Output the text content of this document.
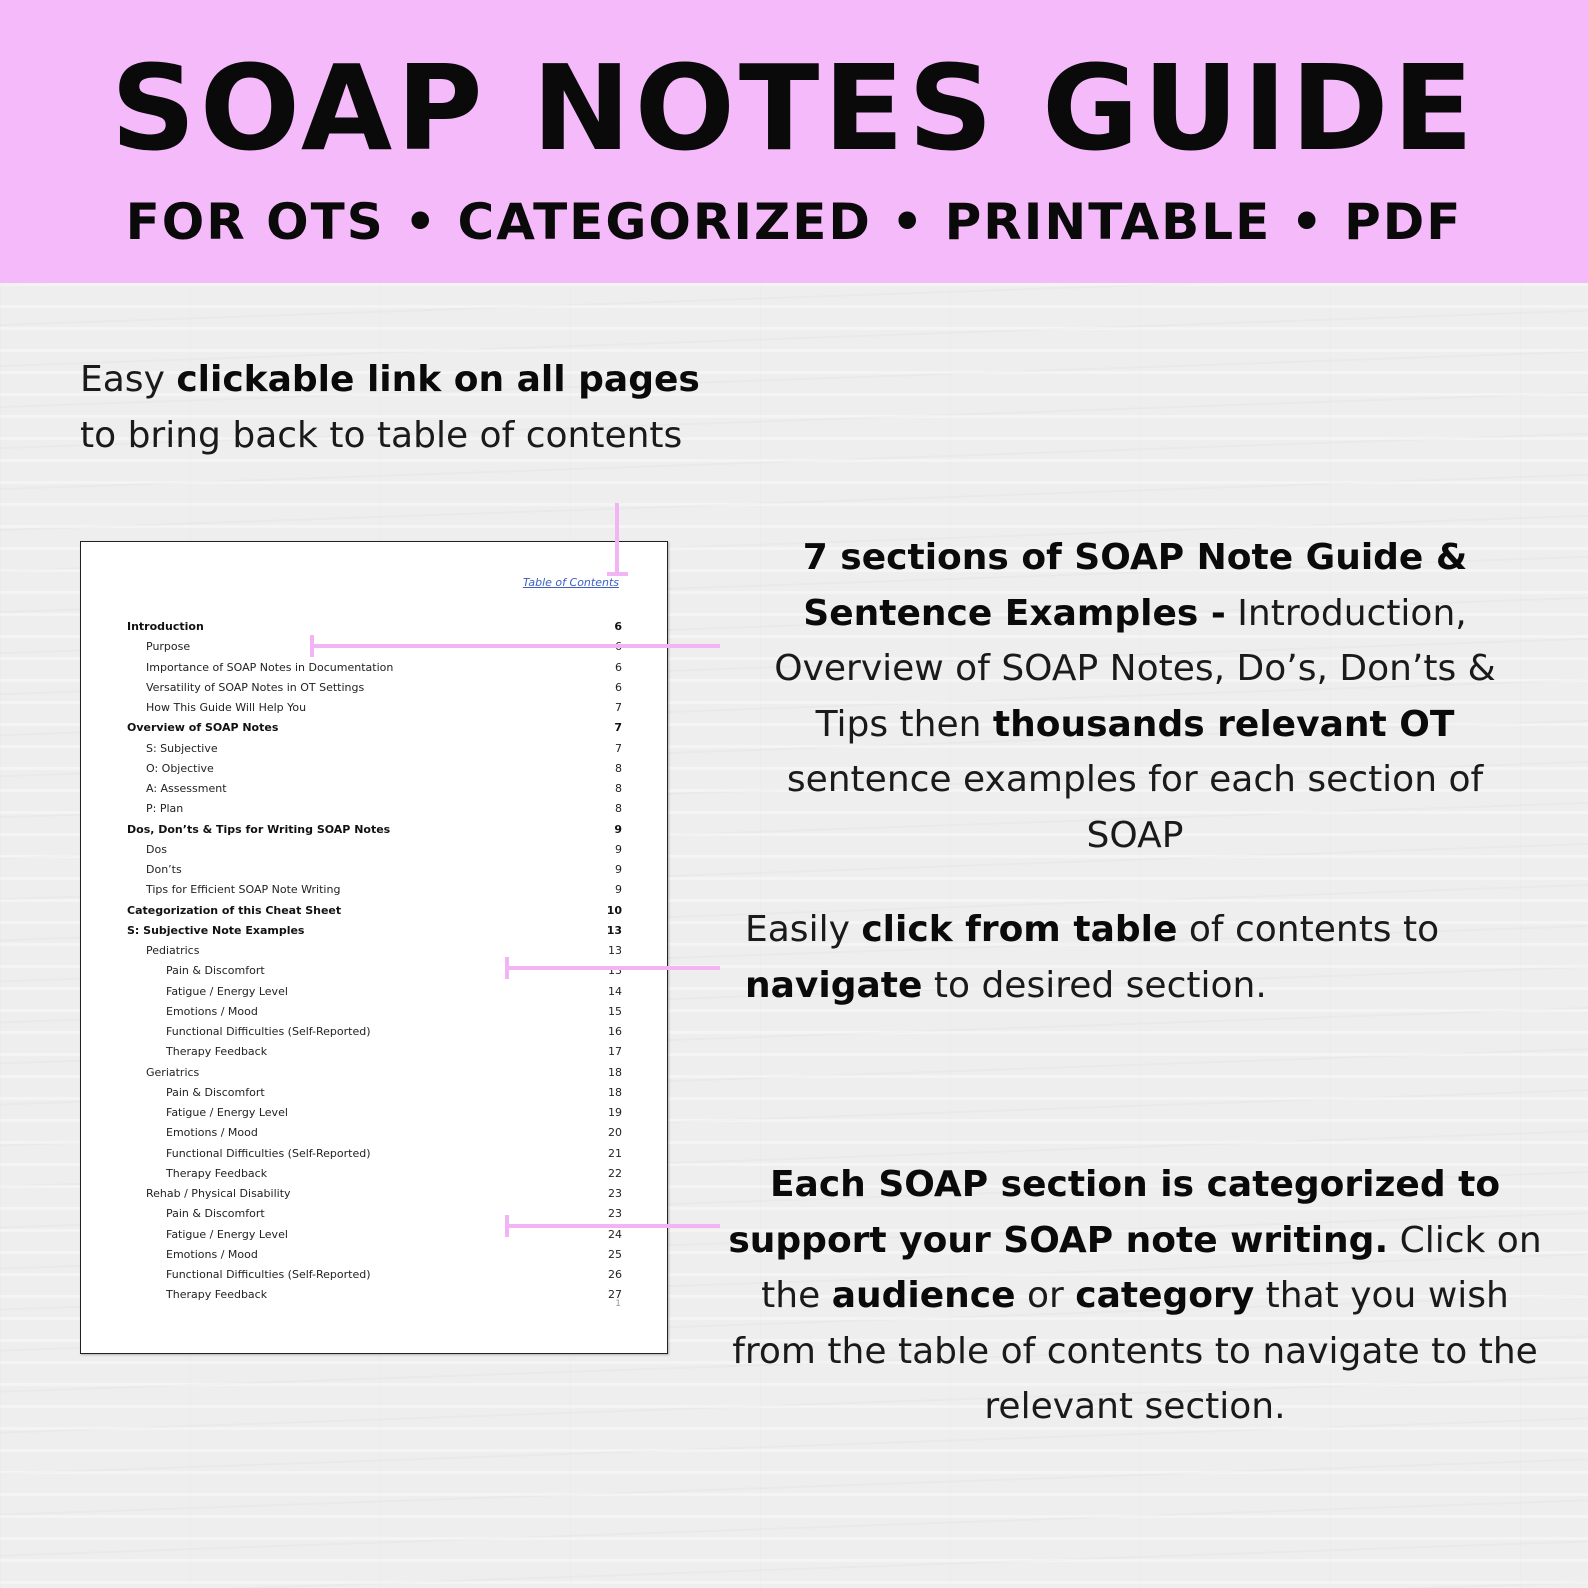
SOAP NOTES GUIDE
FOR OTS • CATEGORIZED • PRINTABLE • PDF
Easy clickable link on all pages to bring back to table of contents
7 sections of SOAP Note Guide & Sentence Examples - Introduction, Overview of SOAP Notes, Do’s, Don’ts & Tips then thousands relevant OT sentence examples for each section of SOAP
Easily click from table of contents to navigate to desired section.
Each SOAP section is categorized to support your SOAP note writing. Click on the audience or category that you wish from the table of contents to navigate to the relevant section.
Table of Contents
Introduction	6
Purpose	6
Importance of SOAP Notes in Documentation	6
Versatility of SOAP Notes in OT Settings	6
How This Guide Will Help You	7
Overview of SOAP Notes	7
S: Subjective	7
O: Objective	8
A: Assessment	8
P: Plan	8
Dos, Don’ts & Tips for Writing SOAP Notes	9
Dos	9
Don’ts	9
Tips for Efficient SOAP Note Writing	9
Categorization of this Cheat Sheet	10
S: Subjective Note Examples	13
Pediatrics	13
Pain & Discomfort	13
Fatigue / Energy Level	14
Emotions / Mood	15
Functional Difficulties (Self-Reported)	16
Therapy Feedback	17
Geriatrics	18
Pain & Discomfort	18
Fatigue / Energy Level	19
Emotions / Mood	20
Functional Difficulties (Self-Reported)	21
Therapy Feedback	22
Rehab / Physical Disability	23
Pain & Discomfort	23
Fatigue / Energy Level	24
Emotions / Mood	25
Functional Difficulties (Self-Reported)	26
Therapy Feedback	27
1
